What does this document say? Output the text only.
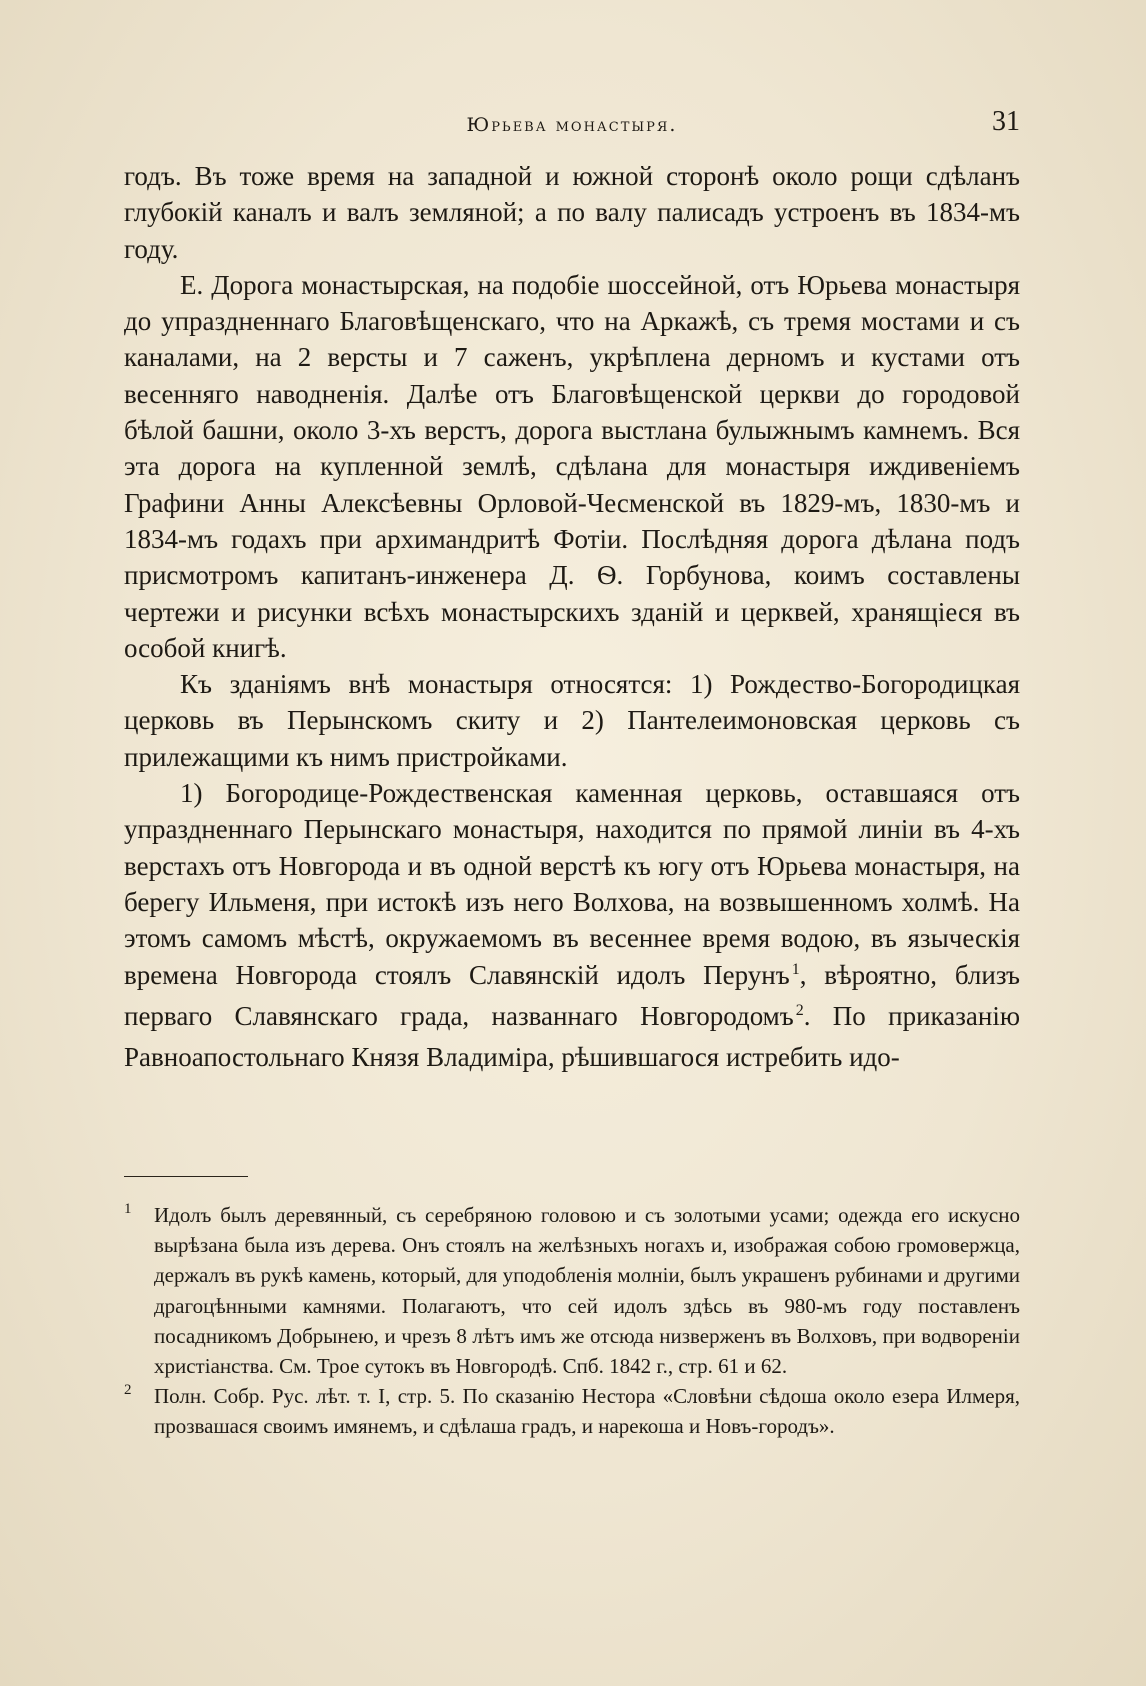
Юрьева монастыря.	31

годъ. Въ тоже время на западной и южной сторонѣ около рощи сдѣланъ глубокій каналъ и валъ земляной; а по валу палисадъ устроенъ въ 1834-мъ году.

Е. Дорога монастырская, на подобіе шоссейной, отъ Юрьева монастыря до упраздненнаго Благовѣщенскаго, что на Аркажѣ, съ тремя мостами и съ каналами, на 2 версты и 7 саженъ, укрѣплена дерномъ и кустами отъ весенняго наводненія. Далѣе отъ Благовѣщенской церкви до городовой бѣлой башни, около 3-хъ верстъ, дорога выстлана булыжнымъ камнемъ. Вся эта дорога на купленной землѣ, сдѣлана для монастыря иждивеніемъ Графини Анны Алексѣевны Орловой-Чесменской въ 1829-мъ, 1830-мъ и 1834-мъ годахъ при архимандритѣ Фотіи. Послѣдняя дорога дѣлана подъ присмотромъ капитанъ-инженера Д. Ѳ. Горбунова, коимъ составлены чертежи и рисунки всѣхъ монастырскихъ зданій и церквей, хранящіеся въ особой книгѣ.

Къ зданіямъ внѣ монастыря относятся: 1) Рождество-Богородицкая церковь въ Перынскомъ скиту и 2) Пантелеимоновская церковь съ прилежащими къ нимъ пристройками.

1) Богородице-Рождественская каменная церковь, оставшаяся отъ упраздненнаго Перынскаго монастыря, находится по прямой линіи въ 4-хъ верстахъ отъ Новгорода и въ одной верстѣ къ югу отъ Юрьева монастыря, на берегу Ильменя, при истокѣ изъ него Волхова, на возвышенномъ холмѣ. На этомъ самомъ мѣстѣ, окружаемомъ въ весеннее время водою, въ языческія времена Новгорода стоялъ Славянскій идолъ Перунъ $^1$, вѣроятно, близъ перваго Славянскаго града, названнаго Новгородомъ $^2$. По приказанію Равноапостольнаго Князя Владиміра, рѣшившагося истребить идо-

1 Идолъ былъ деревянный, съ серебряною головою и съ золотыми усами; одежда его искусно вырѣзана была изъ дерева. Онъ стоялъ на желѣзныхъ ногахъ и, изображая собою громовержца, держалъ въ рукѣ камень, который, для уподобленія молніи, былъ украшенъ рубинами и другими драгоцѣнными камнями. Полагаютъ, что сей идолъ здѣсь въ 980-мъ году поставленъ посадникомъ Добрынею, и чрезъ 8 лѣтъ имъ же отсюда низверженъ въ Волховъ, при водвореніи христіанства. См. Трое сутокъ въ Новгородѣ. Спб. 1842 г., стр. 61 и 62.

2 Полн. Собр. Рус. лѣт. т. I, стр. 5. По сказанію Нестора «Словѣни сѣдоша около езера Илмеря, прозвашася своимъ имянемъ, и сдѣлаша градъ, и нарекоша и Новъ-городъ».
